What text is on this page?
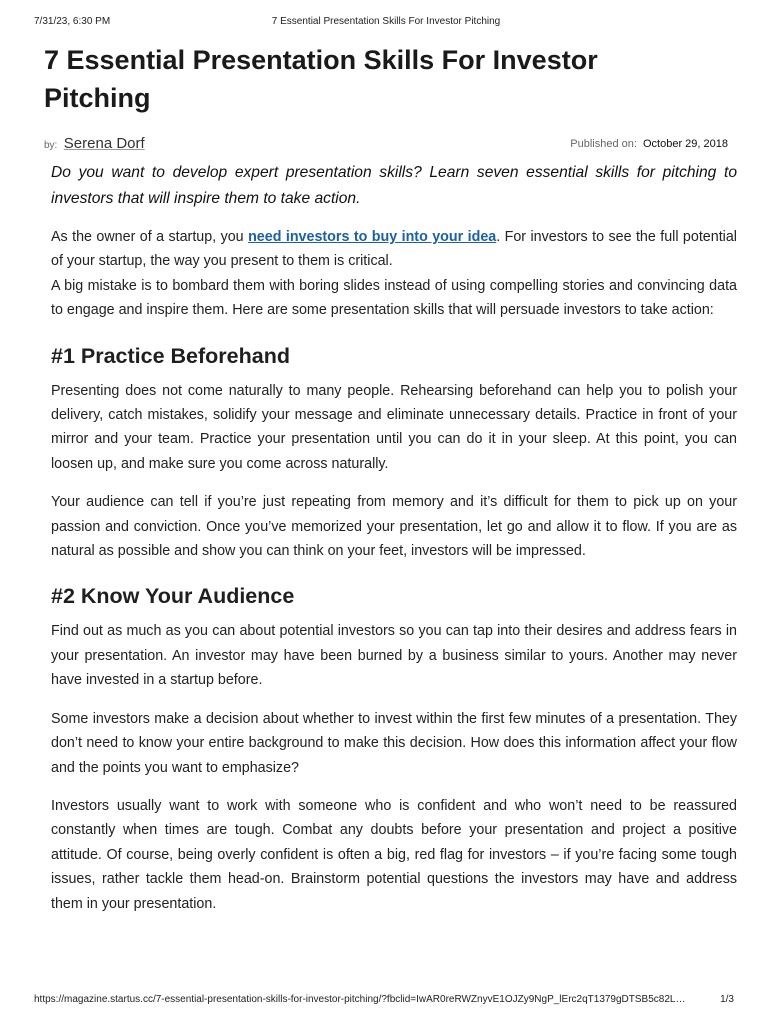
7/31/23, 6:30 PM	7 Essential Presentation Skills For Investor Pitching
7 Essential Presentation Skills For Investor Pitching
by: Serena Dorf	Published on: October 29, 2018

Do you want to develop expert presentation skills? Learn seven essential skills for pitching to investors that will inspire them to take action.

As the owner of a startup, you need investors to buy into your idea. For investors to see the full potential of your startup, the way you present to them is critical.

A big mistake is to bombard them with boring slides instead of using compelling stories and convincing data to engage and inspire them. Here are some presentation skills that will persuade investors to take action:

#1 Practice Beforehand

Presenting does not come naturally to many people. Rehearsing beforehand can help you to polish your delivery, catch mistakes, solidify your message and eliminate unnecessary details. Practice in front of your mirror and your team. Practice your presentation until you can do it in your sleep. At this point, you can loosen up, and make sure you come across naturally.

Your audience can tell if you’re just repeating from memory and it’s difficult for them to pick up on your passion and conviction. Once you’ve memorized your presentation, let go and allow it to flow. If you are as natural as possible and show you can think on your feet, investors will be impressed.

#2 Know Your Audience

Find out as much as you can about potential investors so you can tap into their desires and address fears in your presentation. An investor may have been burned by a business similar to yours. Another may never have invested in a startup before.

Some investors make a decision about whether to invest within the first few minutes of a presentation. They don’t need to know your entire background to make this decision. How does this information affect your flow and the points you want to emphasize?

Investors usually want to work with someone who is confident and who won’t need to be reassured constantly when times are tough. Combat any doubts before your presentation and project a positive attitude. Of course, being overly confident is often a big, red flag for investors – if you’re facing some tough issues, rather tackle them head-on. Brainstorm potential questions the investors may have and address them in your presentation.

https://magazine.startus.cc/7-essential-presentation-skills-for-investor-pitching/?fbclid=IwAR0reRWZnyvE1OJZy9NgP_lErc2qT1379gDTSB5c82L…	1/3
